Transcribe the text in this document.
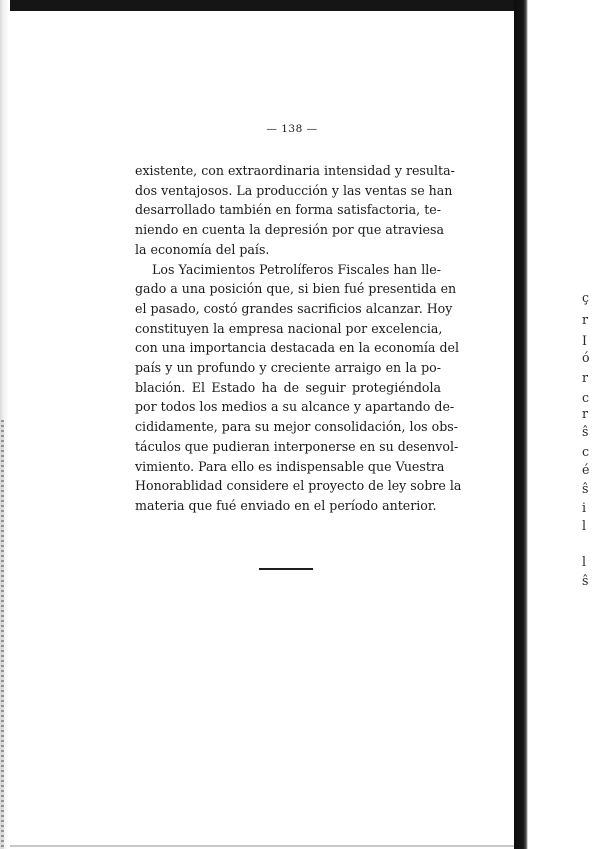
— 138 —
existente, con extraordinaria intensidad y resulta-
dos ventajosos. La producción y las ventas se han
desarrollado también en forma satisfactoria, te-
niendo en cuenta la depresión por que atraviesa
la economía del país.
Los Yacimientos Petrolíferos Fiscales han lle-
gado a una posición que, si bien fué presentida en
el pasado, costó grandes sacrificios alcanzar. Hoy
constituyen la empresa nacional por excelencia,
con una importancia destacada en la economía del
país y un profundo y creciente arraigo en la po-
blación. El Estado ha de seguir protegiéndola
por todos los medios a su alcance y apartando de-
cididamente, para su mejor consolidación, los obs-
táculos que pudieran interponerse en su desenvol-
vimiento. Para ello es indispensable que Vuestra
Honorablidad considere el proyecto de ley sobre la
materia que fué enviado en el período anterior.
ç
r
I
ó
r
c
r
ŝ
c
é
ŝ
i
l
l
ŝ
